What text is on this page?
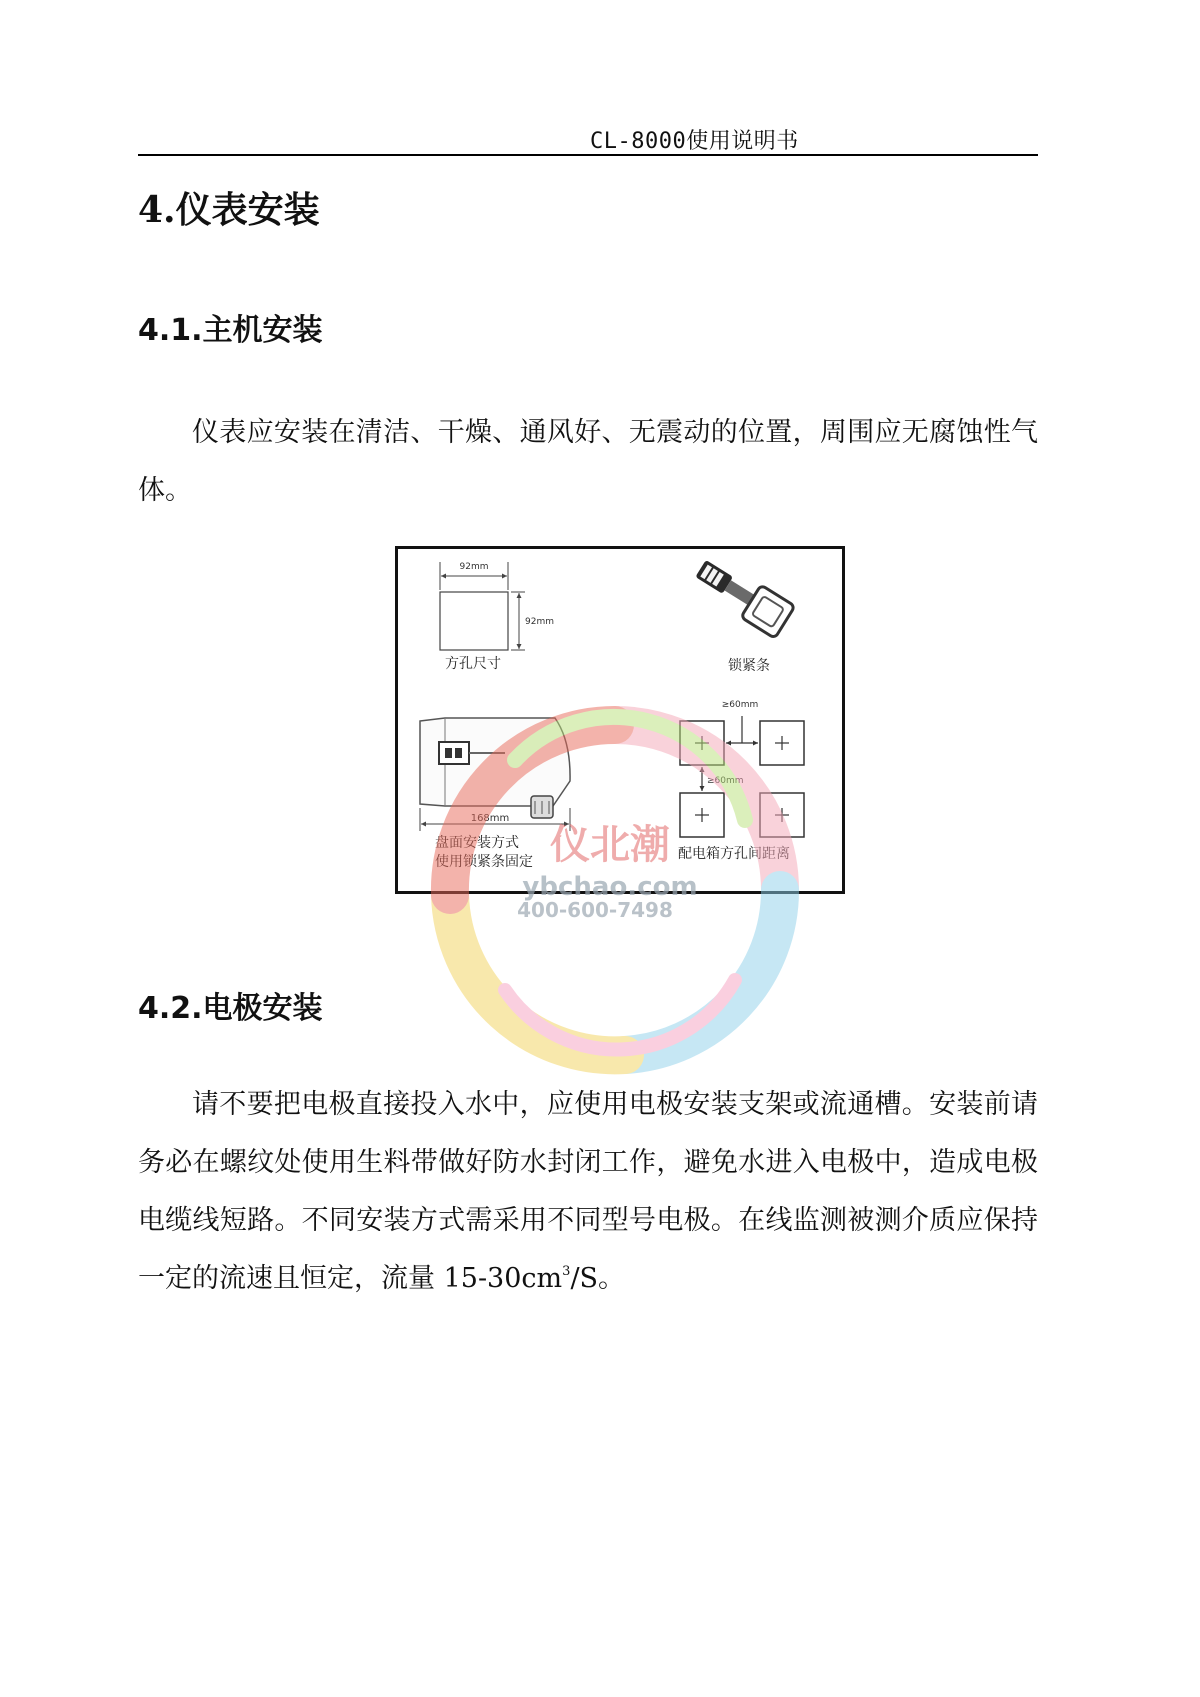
CL-8000使用说明书
4.仪表安装
4.1.主机安装

仪表应安装在清洁、干燥、通风好、无震动的位置，周围应无腐蚀性气体。

92mm
92mm
方孔尺寸	锁紧条
168mm
盘面安装方式
使用锁紧条固定
≥60mm
≥60mm
配电箱方孔间距离
仪北潮
ybchao.com
400-600-7498
4.2.电极安装

请不要把电极直接投入水中，应使用电极安装支架或流通槽。安装前请务必在螺纹处使用生料带做好防水封闭工作，避免水进入电极中，造成电极电缆线短路。不同安装方式需采用不同型号电极。在线监测被测介质应保持一定的流速且恒定，流量 $15-30cm^3/S$。
